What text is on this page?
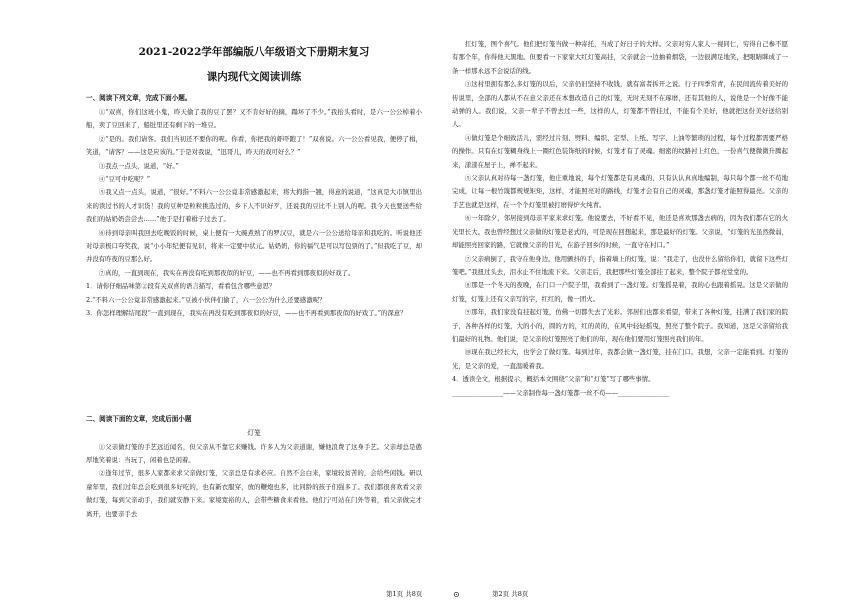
2021-2022学年部编版八年级语文下册期末复习
课内现代文阅读训练
一、阅读下列文章，完成下面小题。

①“双喜，你们这班小鬼，昨天偷了我的豆了罢？又不肯好好的摘，蹋坏了不少。”我抬头看时，是六一公公棹着小船，卖了豆回来了，船肚里还有剩下的一堆豆。

②“是的。我们请客。我们当初还不要你的呢。你看，你把我的虾吓跑了！”双喜说。六一公公看见我，便停了楫，笑道，“请客？——这是应该的。”于是对我说，“迅哥儿，昨天的戏可好么？”

③我点一点头，说道，“好。”

④“豆可中吃呢？”

⑤我又点一点头，说道，“很好。”不料六一公公竟非常感激起来，将大拇指一翘，得意的说道，“这真是大市镇里出来的读过书的人才识货！我的豆种是粒粒挑选过的，乡下人不识好歹，还说我的豆比不上别人的呢。我今天也要送些给我们的姑奶奶尝尝去……”他于是打着楫子过去了。

⑥待到母亲叫我回去吃晚饭的时候，桌上便有一大碗煮熟了的罗汉豆，就是六一公公送给母亲和我吃的。听说他还对母亲极口夸奖我，说“小小年纪便有见识，将来一定要中状元。姑奶奶，你的福气是可以写包票的了。”但我吃了豆，却并没有昨夜的豆那么好。

⑦真的，一直到现在，我实在再没有吃到那夜似的好豆，——也不再看到那夜似的好戏了。

1．请你仔细品味第②段有关双喜的语言描写，看看包含哪些意思？

2.“不料六一公公竟非常感激起来。”豆被小伙伴们偷了，六一公公为什么还要感激呢？

3．你怎样理解结尾段“一直到现在，我实在再没有吃到那夜似的好豆，——也不再看到那夜似的好戏了。”的深意？

二、阅读下面的文章，完成后面小题
灯笼

①父亲做灯笼的手艺远近闻名，但父亲从不靠它来赚钱。许多人为父亲道谢，嫌他浪费了这身手艺。父亲却总是憨厚地笑着说：当玩了，闲着也是闲着。

②逢年过节，很多人家都来求父亲做灯笼，父亲总是有求必应。自然不会白来，家境较贫苦的，会给些闲钱。研以童年里，我们过年总会吃到很多好吃的，也有新衣服穿，放的鞭炮也多，比同龄的孩子们强多了。我们都很喜欢看父亲做灯笼，每到父亲动手，我们就安静下来。家境宽裕的人，会带些糖食来看他。他们宁可站在门外等着，看父亲做完才离开，也要亲手去

扛灯笼，图个喜气。他们把灯笼当做一种寄托，当成了好日子的大样。父亲对穷人家人一视同仁，穷得自己参不愿有那个年，你得他天黑地。但要看一下家家大红灯笼高挂，父亲就会一边抽着烟袋，一边很满足地笑，把眼睛眯成了一条一样那永远不会说话的线。

③这村里拥有那么多灯笼的以后，父亲仍旧坚持不收钱，就有富者拆开之说。行子四季常青，在民间流传着美好的传说里，全部的人都从不在意父亲还在本想改造自己的灯笼，无时无刻不在琢磨，还有其他的人，说他是一个好像不能动弹的人。我们说，父亲一辈子不曾去过一些，这样的人，灯笼都不曾挂过，不能有个美好，他就把这份美好送给别人。

④做灯笼是个细致活儿，需经过片刻、劈料、编织、定型、上纸、写字、上油等繁琐的过程，每个过程都需要严格的操作。只有在灯笼糊身线上一圈红色装饰纸的时候，灯笼才有了灵魂。细密的纹路衬上红色，一份喜气便微微升腾起来，漾漾在屋子上，禅不起来。

⑤父亲认真对待每一盏灯笼，他庄重地说，每个灯笼都是有灵魂的，只有认认真真地编制，每只每个都一丝不苟地完成，让每一根竹篾都规规矩矩，这样，才能照亮对的路线，灯笼才会有自己的灵魂，那盏灯笼才能照得最亮。父亲的手艺也就是这样，在一个个灯笼里被打磨得炉火纯青。

⑥一年除夕，邻居接到母亲平家来求灯笼。他说要去，不好看不见，他还是喜欢那盏去病的，因为我们都在它的火光里长大。我也曾经想过父亲做的灯笼是老式的，可是现在回想起来，那是最好的灯笼。父亲说，“灯笼的光虽然微弱，却能照亮回家的路，它就像父亲的目光，在游子回乡的时候，一直守在村口。”

⑦父亲病倒了，我守在他身边。他用颤抖的手，指着墙上的灯笼，说：“我走了，也没什么留给你们，就留下这些灯笼吧。”我扭过头去，泪水止不住地流下来。父亲走后，我把那些灯笼全部挂了起来，整个院子都亮堂堂的。

⑧那是一个冬天的夜晚，在门口一户院子里，我看到了一盏灯笼。灯笼摇晃着，我的心也跟着摇晃。这是父亲做的灯笼，灯笼上还有父亲写的字，红红的，像一团火。

⑨那年，我们家没有挂起灯笼，仿佛一切都失去了光彩。邻居们也都来看望，带来了各种灯笼，挂满了我们家的院子，各种各样的灯笼，大的小的，圆的方的，红的黄的，在风中轻轻摇曳，照亮了整个院子。我知道，这是父亲留给我们最好的礼物。他们说，是父亲的灯笼照亮了他们的年，现在他们要用灯笼照亮我们的年。

⑩现在我已经长大，也学会了做灯笼。每到过年，我都会做一盏灯笼，挂在门口。我想，父亲一定能看到。灯笼的光，是父亲的爱，一直温暖着我。

4．透读全文，根据提示，概括本文围绕“父亲”和“灯笼”写了哪些事情。

________________——父亲制作每一盏灯笼都一丝不苟——________________

第1页 共8页	⊙	第2页 共8页
